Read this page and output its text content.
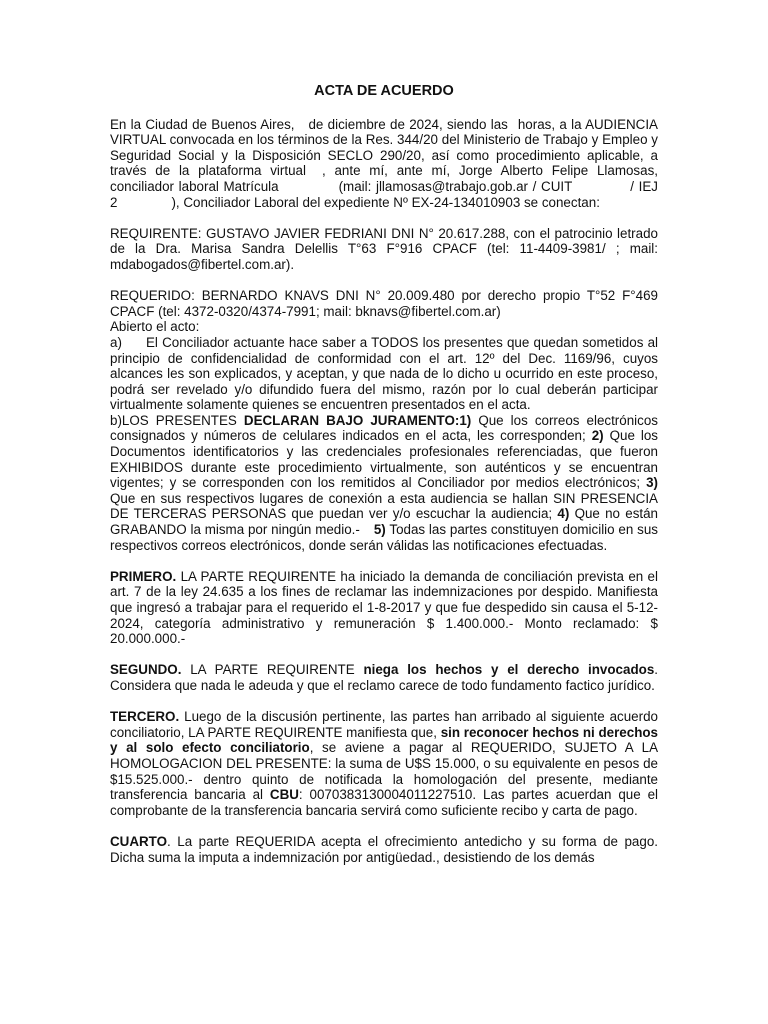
ACTA DE ACUERDO

En la Ciudad de Buenos Aires, de diciembre de 2024, siendo las horas, a la AUDIENCIA VIRTUAL convocada en los términos de la Res. 344/20 del Ministerio de Trabajo y Empleo y Seguridad Social y la Disposición SECLO 290/20, así como procedimiento aplicable, a través de la plataforma virtual , ante mí, ante mí, Jorge Alberto Felipe Llamosas, conciliador laboral Matrícula	(mail: jllamosas@trabajo.gob.ar / CUIT	/ IEJ 2	), Conciliador Laboral del expediente Nº EX-24-134010903 se conectan:

REQUIRENTE: GUSTAVO JAVIER FEDRIANI DNI N° 20.617.288, con el patrocinio letrado de la Dra. Marisa Sandra Delellis T°63 F°916 CPACF (tel: 11-4409-3981/ ; mail: mdabogados@fibertel.com.ar).

REQUERIDO: BERNARDO KNAVS DNI N° 20.009.480 por derecho propio T°52 F°469 CPACF (tel: 4372-0320/4374-7991; mail: bknavs@fibertel.com.ar)

Abierto el acto:

a) El Conciliador actuante hace saber a TODOS los presentes que quedan sometidos al principio de confidencialidad de conformidad con el art. 12º del Dec. 1169/96, cuyos alcances les son explicados, y aceptan, y que nada de lo dicho u ocurrido en este proceso, podrá ser revelado y/o difundido fuera del mismo, razón por lo cual deberán participar virtualmente solamente quienes se encuentren presentados en el acta.

b)LOS PRESENTES DECLARAN BAJO JURAMENTO:1) Que los correos electrónicos consignados y números de celulares indicados en el acta, les corresponden; 2) Que los Documentos identificatorios y las credenciales profesionales referenciadas, que fueron EXHIBIDOS durante este procedimiento virtualmente, son auténticos y se encuentran vigentes; y se corresponden con los remitidos al Conciliador por medios electrónicos; 3) Que en sus respectivos lugares de conexión a esta audiencia se hallan SIN PRESENCIA DE TERCERAS PERSONAS que puedan ver y/o escuchar la audiencia; 4) Que no están GRABANDO la misma por ningún medio.- 5) Todas las partes constituyen domicilio en sus respectivos correos electrónicos, donde serán válidas las notificaciones efectuadas.

PRIMERO. LA PARTE REQUIRENTE ha iniciado la demanda de conciliación prevista en el art. 7 de la ley 24.635 a los fines de reclamar las indemnizaciones por despido. Manifiesta que ingresó a trabajar para el requerido el 1-8-2017 y que fue despedido sin causa el 5-12-2024, categoría administrativo y remuneración $ 1.400.000.- Monto reclamado: $ 20.000.000.-

SEGUNDO. LA PARTE REQUIRENTE niega los hechos y el derecho invocados. Considera que nada le adeuda y que el reclamo carece de todo fundamento factico jurídico.

TERCERO. Luego de la discusión pertinente, las partes han arribado al siguiente acuerdo conciliatorio, LA PARTE REQUIRENTE manifiesta que, sin reconocer hechos ni derechos y al solo efecto conciliatorio, se aviene a pagar al REQUERIDO, SUJETO A LA HOMOLOGACION DEL PRESENTE: la suma de U$S 15.000, o su equivalente en pesos de $15.525.000.- dentro quinto de notificada la homologación del presente, mediante transferencia bancaria al CBU: 0070383130004011227510. Las partes acuerdan que el comprobante de la transferencia bancaria servirá como suficiente recibo y carta de pago.

CUARTO. La parte REQUERIDA acepta el ofrecimiento antedicho y su forma de pago. Dicha suma la imputa a indemnización por antigüedad., desistiendo de los demás
